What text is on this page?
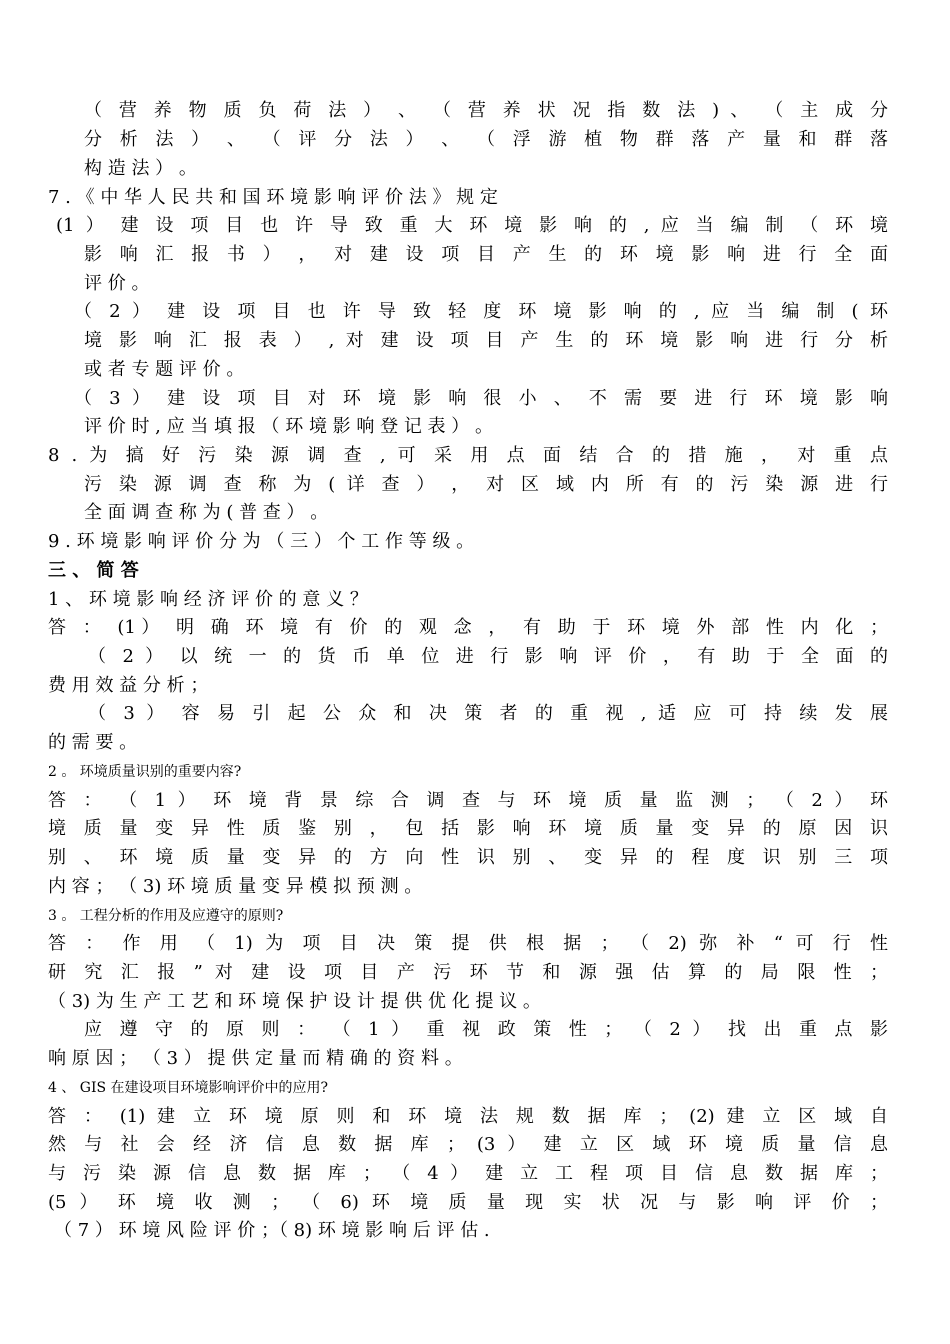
（ 营 养 物 质 负 荷 法 ） 、 （ 营 养 状 况 指 数 法 ) 、 （ 主 成 分
分 析 法 ） 、 （ 评 分 法 ） 、 （ 浮 游 植 物 群 落 产 量 和 群 落
构 造 法 ） 。
7 . 《 中 华 人 民 共 和 国 环 境 影 响 评 价 法 》 规 定
(1 ） 建 设 项 目 也 许 导 致 重 大 环 境 影 响 的 , 应 当 编 制 （ 环 境
影 响 汇 报 书 ） ， 对 建 设 项 目 产 生 的 环 境 影 响 进 行 全 面
评 价 。
（ 2 ） 建 设 项 目 也 许 导 致 轻 度 环 境 影 响 的 , 应 当 编 制 ( 环
境 影 响 汇 报 表 ） , 对 建 设 项 目 产 生 的 环 境 影 响 进 行 分 析
或 者 专 题 评 价 。
（ 3 ） 建 设 项 目 对 环 境 影 响 很 小 、 不 需 要 进 行 环 境 影 响
评 价 时 , 应 当 填 报 （ 环 境 影 响 登 记 表 ） 。
8 . 为 搞 好 污 染 源 调 查 , 可 采 用 点 面 结 合 的 措 施 ， 对 重 点
污 染 源 调 查 称 为 ( 详 查 ） ， 对 区 域 内 所 有 的 污 染 源 进 行
全 面 调 查 称 为 ( 普 查 ） 。
9 . 环 境 影 响 评 价 分 为 （ 三 ） 个 工 作 等 级 。
三 、 简 答
1 、 环 境 影 响 经 济 评 价 的 意 义 ？
答 ： (1） 明 确 环 境 有 价 的 观 念 ， 有 助 于 环 境 外 部 性 内 化 ；
（ 2 ） 以 统 一 的 货 币 单 位 进 行 影 响 评 价 ， 有 助 于 全 面 的
费 用 效 益 分 析 ；
（ 3 ） 容 易 引 起 公 众 和 决 策 者 的 重 视 , 适 应 可 持 续 发 展
的 需 要 。
2 。 环境质量识别的重要内容?
答 ： （ 1 ） 环 境 背 景 综 合 调 查 与 环 境 质 量 监 测 ； （ 2 ） 环
境 质 量 变 异 性 质 鉴 别 ， 包 括 影 响 环 境 质 量 变 异 的 原 因 识
别 、 环 境 质 量 变 异 的 方 向 性 识 别 、 变 异 的 程 度 识 别 三 项
内 容 ； （ 3) 环 境 质 量 变 异 模 拟 预 测 。
3 。 工程分析的作用及应遵守的原则?
答 ： 作 用 （ 1) 为 项 目 决 策 提 供 根 据 ； （ 2) 弥 补 “ 可 行 性
研 究 汇 报 ” 对 建 设 项 目 产 污 环 节 和 源 强 估 算 的 局 限 性 ；
（ 3) 为 生 产 工 艺 和 环 境 保 护 设 计 提 供 优 化 提 议 。
应 遵 守 的 原 则 ： （ 1 ） 重 视 政 策 性 ； （ 2 ） 找 出 重 点 影
响 原 因 ； （ 3 ） 提 供 定 量 而 精 确 的 资 料 。
4 、 GIS 在建设项目环境影响评价中的应用?
答 ： (1) 建 立 环 境 原 则 和 环 境 法 规 数 据 库 ； (2) 建 立 区 域 自
然 与 社 会 经 济 信 息 数 据 库 ； (3 ） 建 立 区 域 环 境 质 量 信 息
与 污 染 源 信 息 数 据 库 ； （ 4 ） 建 立 工 程 项 目 信 息 数 据 库 ；
(5 ） 环 境 收 测 ； （ 6) 环 境 质 量 现 实 状 况 与 影 响 评 价 ；
（ 7 ） 环 境 风 险 评 价 ；（ 8) 环 境 影 响 后 评 估 .
